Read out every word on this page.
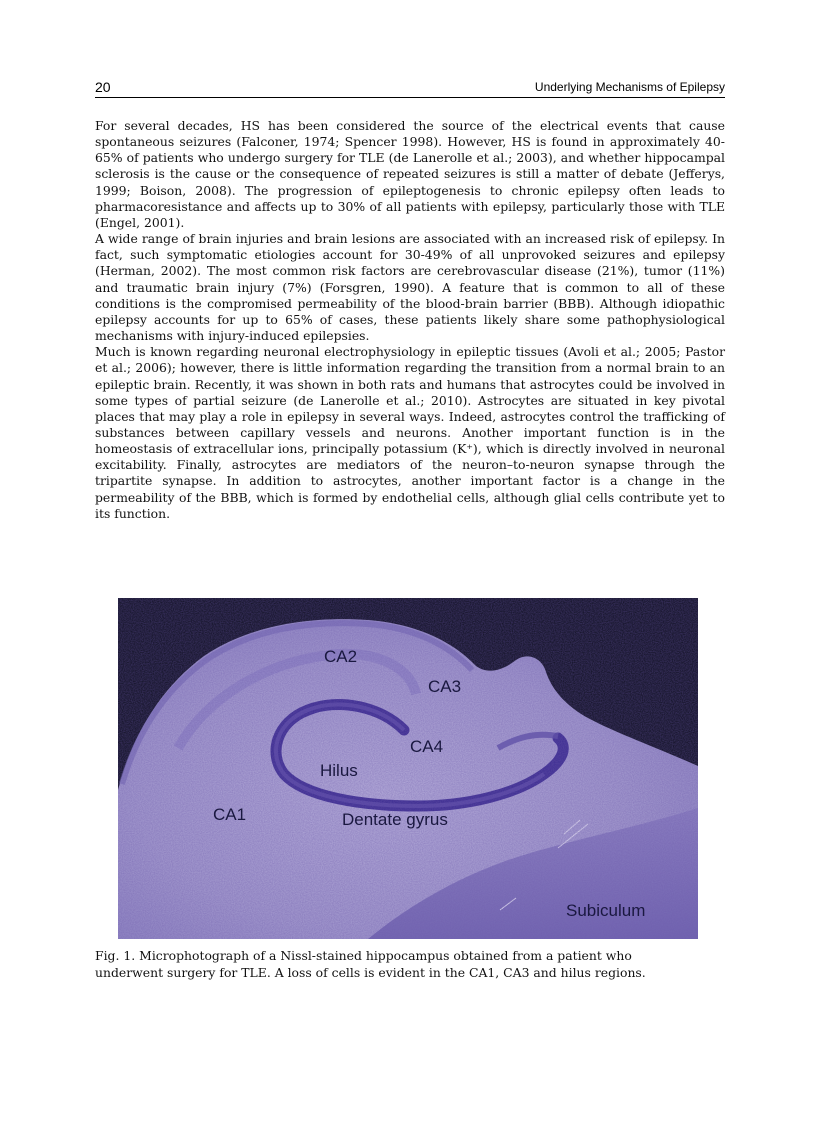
20	Underlying Mechanisms of Epilepsy

For several decades, HS has been considered the source of the electrical events that cause spontaneous seizures (Falconer, 1974; Spencer 1998). However, HS is found in approximately 40-65% of patients who undergo surgery for TLE (de Lanerolle et al.; 2003), and whether hippocampal sclerosis is the cause or the consequence of repeated seizures is still a matter of debate (Jefferys, 1999; Boison, 2008). The progression of epileptogenesis to chronic epilepsy often leads to pharmacoresistance and affects up to 30% of all patients with epilepsy, particularly those with TLE (Engel, 2001).

A wide range of brain injuries and brain lesions are associated with an increased risk of epilepsy. In fact, such symptomatic etiologies account for 30-49% of all unprovoked seizures and epilepsy (Herman, 2002). The most common risk factors are cerebrovascular disease (21%), tumor (11%) and traumatic brain injury (7%) (Forsgren, 1990). A feature that is common to all of these conditions is the compromised permeability of the blood-brain barrier (BBB). Although idiopathic epilepsy accounts for up to 65% of cases, these patients likely share some pathophysiological mechanisms with injury-induced epilepsies.

Much is known regarding neuronal electrophysiology in epileptic tissues (Avoli et al.; 2005; Pastor et al.; 2006); however, there is little information regarding the transition from a normal brain to an epileptic brain. Recently, it was shown in both rats and humans that astrocytes could be involved in some types of partial seizure (de Lanerolle et al.; 2010). Astrocytes are situated in key pivotal places that may play a role in epilepsy in several ways. Indeed, astrocytes control the trafficking of substances between capillary vessels and neurons. Another important function is in the homeostasis of extracellular ions, principally potassium (K⁺), which is directly involved in neuronal excitability. Finally, astrocytes are mediators of the neuron–to-neuron synapse through the tripartite synapse. In addition to astrocytes, another important factor is a change in the permeability of the BBB, which is formed by endothelial cells, although glial cells contribute yet to its function.

CA2
CA3
CA4
Hilus
CA1	Dentate gyrus
Subiculum

Fig. 1. Microphotograph of a Nissl-stained hippocampus obtained from a patient who

underwent surgery for TLE. A loss of cells is evident in the CA1, CA3 and hilus regions.
